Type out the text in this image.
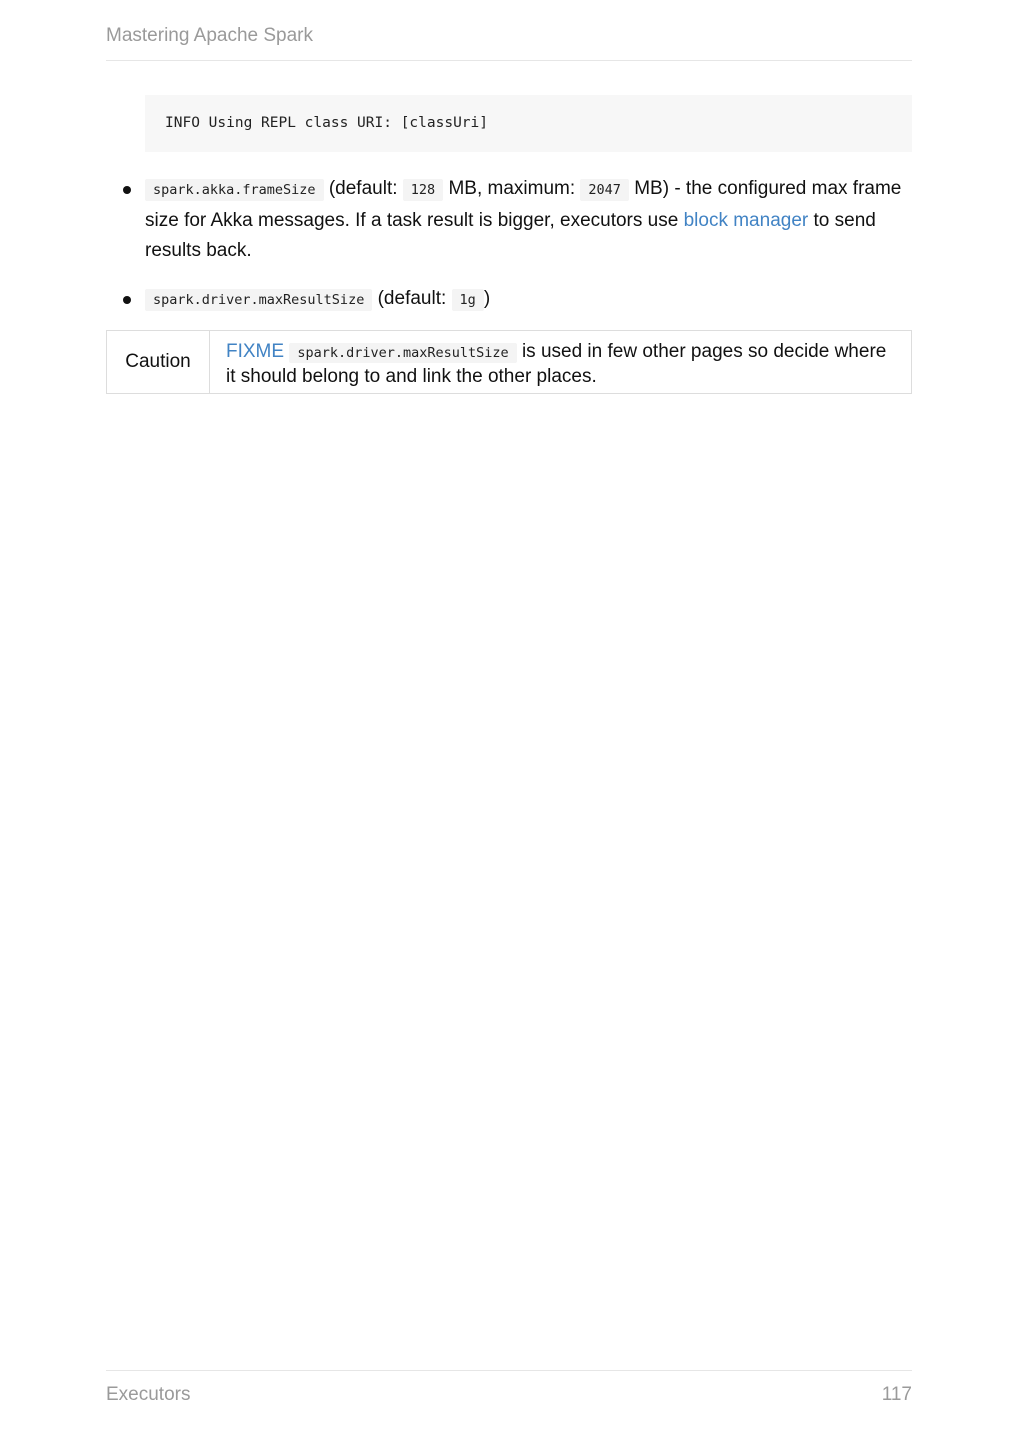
Mastering Apache Spark
INFO Using REPL class URI: [classUri]
spark.akka.frameSize (default: 128 MB, maximum: 2047 MB) - the configured max frame size for Akka messages. If a task result is bigger, executors use block manager to send results back.
spark.driver.maxResultSize (default: 1g )
Caution	FIXME spark.driver.maxResultSize is used in few other pages so decide where it should belong to and link the other places.
Executors	117
